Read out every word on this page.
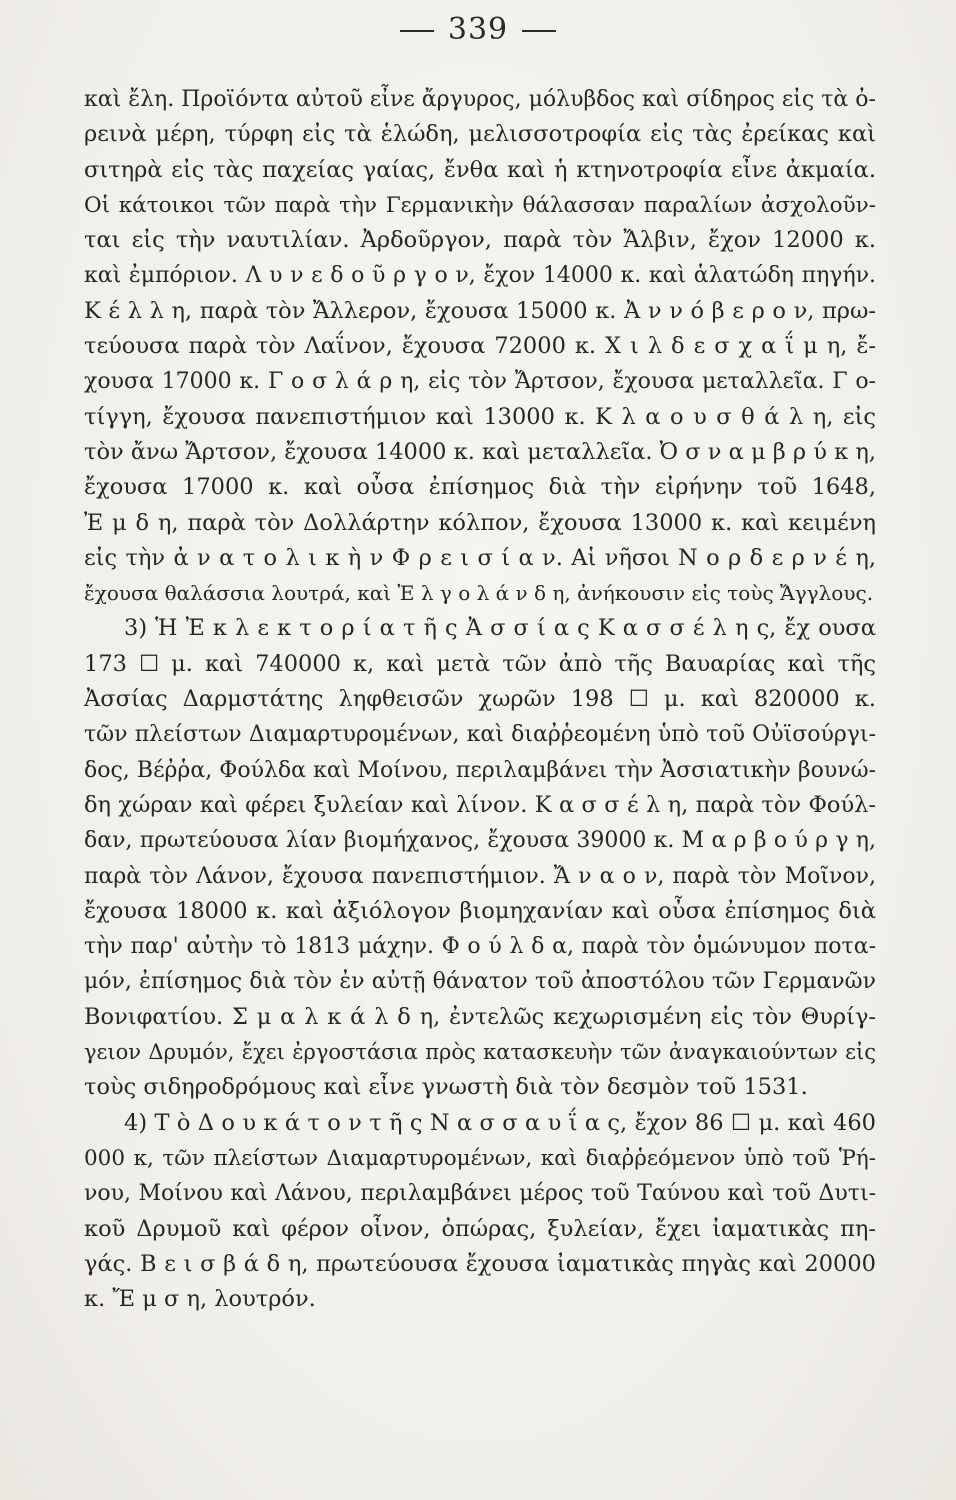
339
καὶ ἔλη. Προϊόντα αὐτοῦ εἶνε ἄργυρος, μόλυβδος καὶ σίδηρος εἰς τὰ ὀ-
ρεινὰ μέρη, τύρφη εἰς τὰ ἑλώδη, μελισσοτροφία εἰς τὰς ἐρείκας καὶ
σιτηρὰ εἰς τὰς παχείας γαίας, ἔνθα καὶ ἡ κτηνοτροφία εἶνε ἀκμαία.
Οἱ κάτοικοι τῶν παρὰ τὴν Γερμανικὴν θάλασσαν παραλίων ἀσχολοῦν-
ται εἰς τὴν ναυτιλίαν. Ἀρδοῦργον, παρὰ τὸν Ἄλβιν, ἔχον 12000 κ.
καὶ ἐμπόριον. Λ υ ν ε δ ο ῦ ρ γ ο ν, ἔχον 14000 κ. καὶ ἁλατώδη πηγήν.
Κ έ λ λ η, παρὰ τὸν Ἄλλερον, ἔχουσα 15000 κ. Ἀ ν ν ό β ε ρ ο ν, πρω-
τεύουσα παρὰ τὸν Λαΐνον, ἔχουσα 72000 κ. Χ ι λ δ ε σ χ α ΐ μ η, ἔ-
χουσα 17000 κ. Γ ο σ λ ά ρ η, εἰς τὸν Ἄρτσον, ἔχουσα μεταλλεῖα. Γ ο-
τίγγη, ἔχουσα πανεπιστήμιον καὶ 13000 κ. Κ λ α ο υ σ θ ά λ η, εἰς
τὸν ἄνω Ἄρτσον, ἔχουσα 14000 κ. καὶ μεταλλεῖα. Ὀ σ ν α μ β ρ ύ κ η,
ἔχουσα 17000 κ. καὶ οὖσα ἐπίσημος διὰ τὴν εἰρήνην τοῦ 1648,
Ἐ μ δ η, παρὰ τὸν Δολλάρτην κόλπον, ἔχουσα 13000 κ. καὶ κειμένη
εἰς τὴν ἀ ν α τ ο λ ι κ ὴ ν Φ ρ ε ι σ ί α ν. Αἱ νῆσοι Ν ο ρ δ ε ρ ν έ η,
ἔχουσα θαλάσσια λουτρά, καὶ Ἐ λ γ ο λ ά ν δ η, ἀνήκουσιν εἰς τοὺς Ἄγγλους.
3) Ἡ Ἐ κ λ ε κ τ ο ρ ί α τ ῆ ς Ἀ σ σ ί α ς Κ α σ σ έ λ η ς, ἔχ ουσα
173 ☐ μ. καὶ 740000 κ, καὶ μετὰ τῶν ἀπὸ τῆς Βαυαρίας καὶ τῆς
Ἀσσίας Δαρμστάτης ληφθεισῶν χωρῶν 198 ☐ μ. καὶ 820000 κ.
τῶν πλείστων Διαμαρτυρομένων, καὶ διαῤῥεομένη ὑπὸ τοῦ Οὐϊσούργι-
δος, Βέῤῥα, Φούλδα καὶ Μοίνου, περιλαμβάνει τὴν Ἀσσιατικὴν βουνώ-
δη χώραν καὶ φέρει ξυλείαν καὶ λίνον. Κ α σ σ έ λ η, παρὰ τὸν Φούλ-
δαν, πρωτεύουσα λίαν βιομήχανος, ἔχουσα 39000 κ. Μ α ρ β ο ύ ρ γ η,
παρὰ τὸν Λάνον, ἔχουσα πανεπιστήμιον. Ἄ ν α ο ν, παρὰ τὸν Μοῖνον,
ἔχουσα 18000 κ. καὶ ἀξιόλογον βιομηχανίαν καὶ οὖσα ἐπίσημος διὰ
τὴν παρ' αὐτὴν τὸ 1813 μάχην. Φ ο ύ λ δ α, παρὰ τὸν ὁμώνυμον ποτα-
μόν, ἐπίσημος διὰ τὸν ἐν αὐτῇ θάνατον τοῦ ἀποστόλου τῶν Γερμανῶν
Βονιφατίου. Σ μ α λ κ ά λ δ η, ἐντελῶς κεχωρισμένη εἰς τὸν Θυρίγ-
γειον Δρυμόν, ἔχει ἐργοστάσια πρὸς κατασκευὴν τῶν ἀναγκαιούντων εἰς
τοὺς σιδηροδρόμους καὶ εἶνε γνωστὴ διὰ τὸν δεσμὸν τοῦ 1531.
4) Τ ὸ Δ ο υ κ ά τ ο ν τ ῆ ς Ν α σ σ α υ ΐ α ς, ἔχον 86 ☐ μ. καὶ 460
000 κ, τῶν πλείστων Διαμαρτυρομένων, καὶ διαῤῥεόμενον ὑπὸ τοῦ Ῥή-
νου, Μοίνου καὶ Λάνου, περιλαμβάνει μέρος τοῦ Ταύνου καὶ τοῦ Δυτι-
κοῦ Δρυμοῦ καὶ φέρον οἶνον, ὀπώρας, ξυλείαν, ἔχει ἰαματικὰς πη-
γάς. Β ε ι σ β ά δ η, πρωτεύουσα ἔχουσα ἰαματικὰς πηγὰς καὶ 20000
κ. Ἔ μ σ η, λουτρόν.
